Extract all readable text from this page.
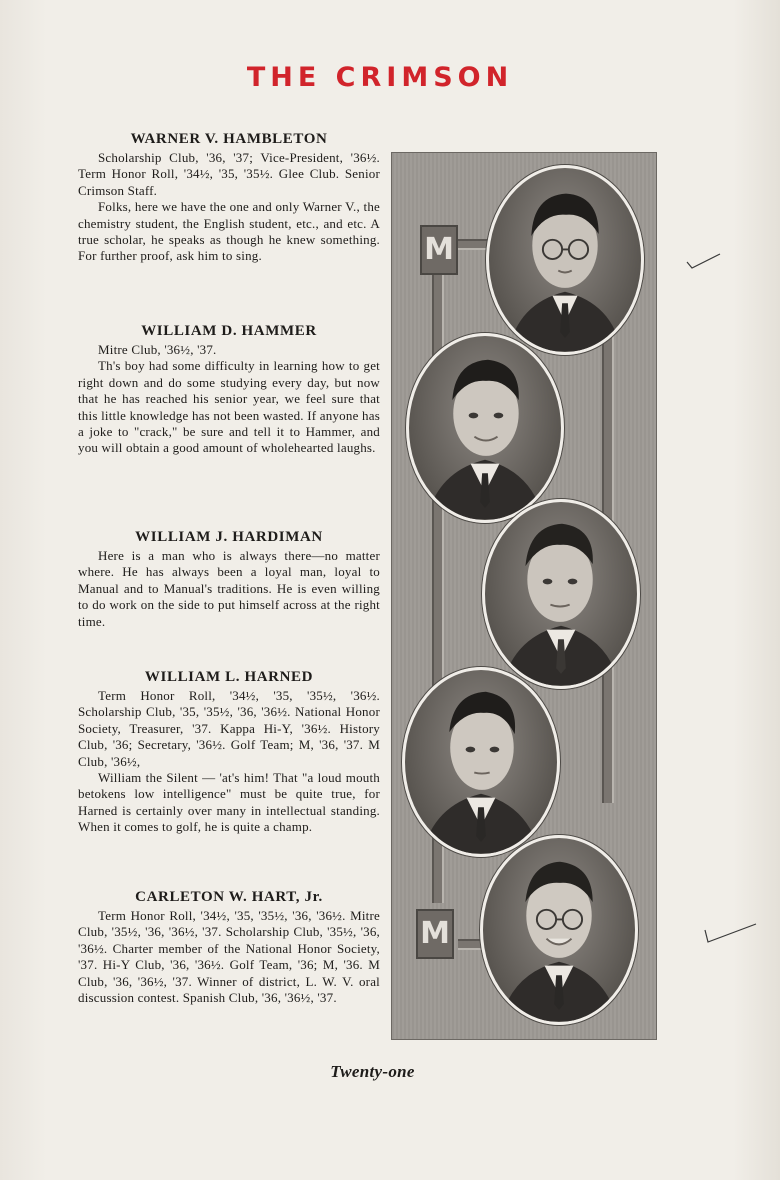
THE CRIMSON
WARNER V. HAMBLETON

Scholarship Club, '36, '37; Vice-President, '36½. Term Honor Roll, '34½, '35, '35½. Glee Club. Senior Crimson Staff.

Folks, here we have the one and only Warner V., the chemistry student, the English student, etc., and etc. A true scholar, he speaks as though he knew something. For further proof, ask him to sing.

WILLIAM D. HAMMER

Mitre Club, '36½, '37.

Th's boy had some difficulty in learning how to get right down and do some studying every day, but now that he has reached his senior year, we feel sure that this little knowledge has not been wasted. If anyone has a joke to "crack," be sure and tell it to Hammer, and you will obtain a good amount of wholehearted laughs.

WILLIAM J. HARDIMAN

Here is a man who is always there—no matter where. He has always been a loyal man, loyal to Manual and to Manual's traditions. He is even willing to do work on the side to put himself across at the right time.

WILLIAM L. HARNED

Term Honor Roll, '34½, '35, '35½, '36½. Scholarship Club, '35, '35½, '36, '36½. National Honor Society, Treasurer, '37. Kappa Hi-Y, '36½. History Club, '36; Secretary, '36½. Golf Team; M, '36, '37. M Club, '36½,

William the Silent — 'at's him! That "a loud mouth betokens low intelligence" must be quite true, for Harned is certainly over many in intellectual standing. When it comes to golf, he is quite a champ.

CARLETON W. HART, Jr.

Term Honor Roll, '34½, '35, '35½, '36, '36½. Mitre Club, '35½, '36, '36½, '37. Scholarship Club, '35½, '36, '36½. Charter member of the National Honor Society, '37. Hi-Y Club, '36, '36½. Golf Team, '36; M, '36. M Club, '36, '36½, '37. Winner of district, L. W. V. oral discussion contest. Spanish Club, '36, '36½, '37.

M
M
Twenty-one
